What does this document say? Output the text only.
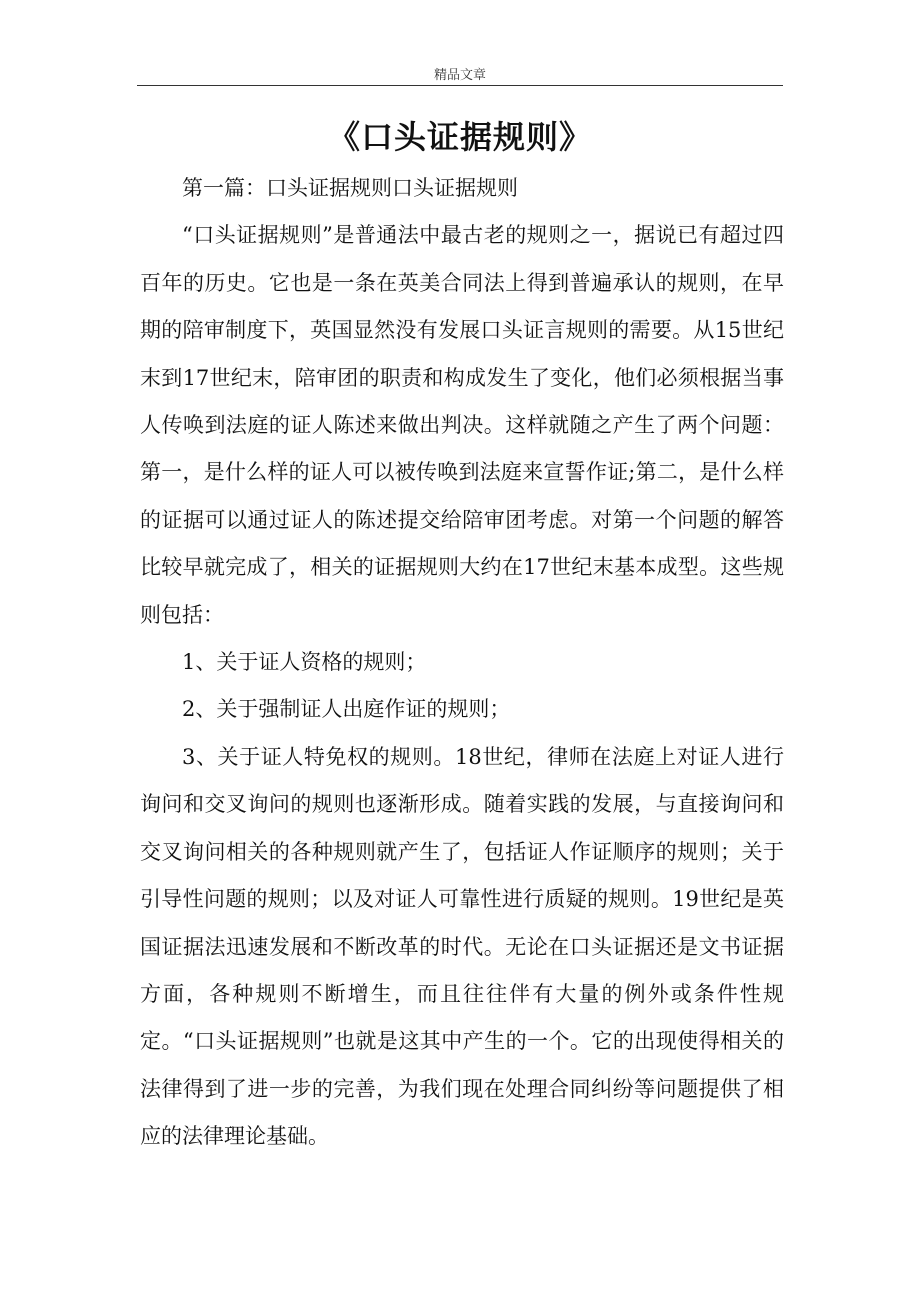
精品文章
《口头证据规则》

第一篇：口头证据规则口头证据规则

“口头证据规则”是普通法中最古老的规则之一，据说已有超过四百年的历史。它也是一条在英美合同法上得到普遍承认的规则，在早期的陪审制度下，英国显然没有发展口头证言规则的需要。从15世纪末到17世纪末，陪审团的职责和构成发生了变化，他们必须根据当事人传唤到法庭的证人陈述来做出判决。这样就随之产生了两个问题：第一，是什么样的证人可以被传唤到法庭来宣誓作证;第二，是什么样的证据可以通过证人的陈述提交给陪审团考虑。对第一个问题的解答比较早就完成了，相关的证据规则大约在17世纪末基本成型。这些规则包括：

1、关于证人资格的规则；

2、关于强制证人出庭作证的规则；

3、关于证人特免权的规则。18世纪，律师在法庭上对证人进行询问和交叉询问的规则也逐渐形成。随着实践的发展，与直接询问和交叉询问相关的各种规则就产生了，包括证人作证顺序的规则；关于引导性问题的规则；以及对证人可靠性进行质疑的规则。19世纪是英国证据法迅速发展和不断改革的时代。无论在口头证据还是文书证据方面，各种规则不断增生，而且往往伴有大量的例外或条件性规定。“口头证据规则”也就是这其中产生的一个。它的出现使得相关的法律得到了进一步的完善，为我们现在处理合同纠纷等问题提供了相应的法律理论基础。
